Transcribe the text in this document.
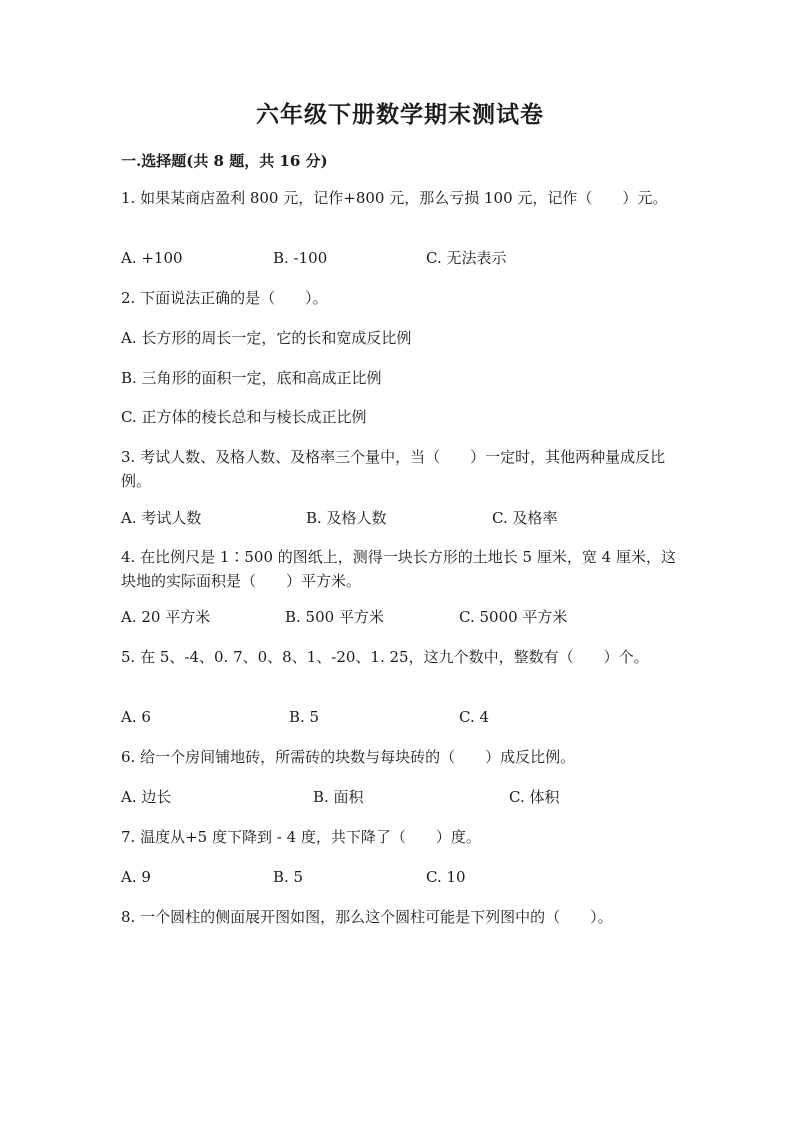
六年级下册数学期末测试卷
一.选择题(共 8 题，共 16 分)
1. 如果某商店盈利 800 元，记作+800 元，那么亏损 100 元，记作（　　）元。
A. +100	B. -100	C. 无法表示
2. 下面说法正确的是（　　）。
A. 长方形的周长一定，它的长和宽成反比例
B. 三角形的面积一定，底和高成正比例
C. 正方体的棱长总和与棱长成正比例
3. 考试人数、及格人数、及格率三个量中，当（　　）一定时，其他两种量成反比例。
A. 考试人数	B. 及格人数	C. 及格率
4. 在比例尺是 1∶500 的图纸上，测得一块长方形的土地长 5 厘米，宽 4 厘米，这块地的实际面积是（　　）平方米。
A. 20 平方米	B. 500 平方米	C. 5000 平方米
5. 在 5、-4、0. 7、0、8、1、-20、1. 25，这九个数中，整数有（　　）个。
A. 6	B. 5	C. 4
6. 给一个房间铺地砖，所需砖的块数与每块砖的（　　）成反比例。
A. 边长	B. 面积	C. 体积
7. 温度从+5 度下降到 - 4 度，共下降了（　　）度。
A. 9	B. 5	C. 10
8. 一个圆柱的侧面展开图如图，那么这个圆柱可能是下列图中的（　　）。
